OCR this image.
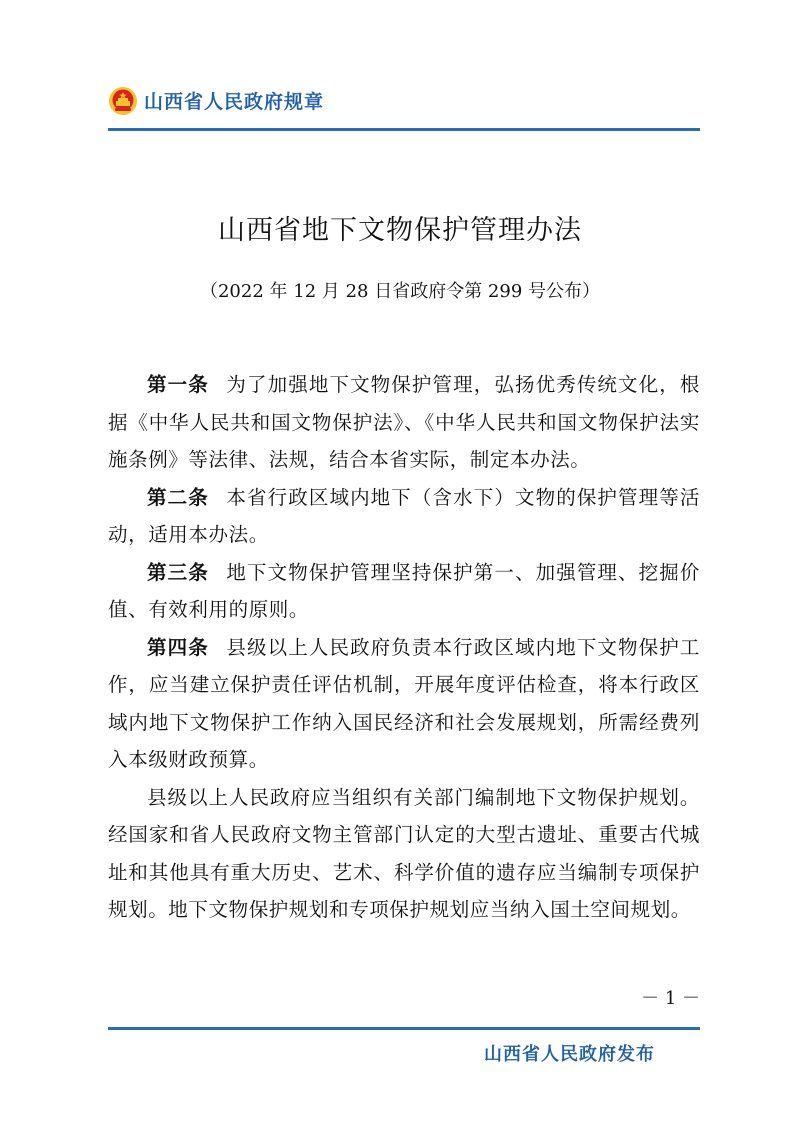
山西省人民政府规章
山西省地下文物保护管理办法
（2022 年 12 月 28 日省政府令第 299 号公布）

第一条 为了加强地下文物保护管理，弘扬优秀传统文化，根据《中华人民共和国文物保护法》、《中华人民共和国文物保护法实施条例》等法律、法规，结合本省实际，制定本办法。

第二条 本省行政区域内地下（含水下）文物的保护管理等活动，适用本办法。

第三条 地下文物保护管理坚持保护第一、加强管理、挖掘价值、有效利用的原则。

第四条 县级以上人民政府负责本行政区域内地下文物保护工作，应当建立保护责任评估机制，开展年度评估检查，将本行政区域内地下文物保护工作纳入国民经济和社会发展规划，所需经费列入本级财政预算。

县级以上人民政府应当组织有关部门编制地下文物保护规划。经国家和省人民政府文物主管部门认定的大型古遗址、重要古代城址和其他具有重大历史、艺术、科学价值的遗存应当编制专项保护规划。地下文物保护规划和专项保护规划应当纳入国土空间规划。

－ 1 －
山西省人民政府发布
